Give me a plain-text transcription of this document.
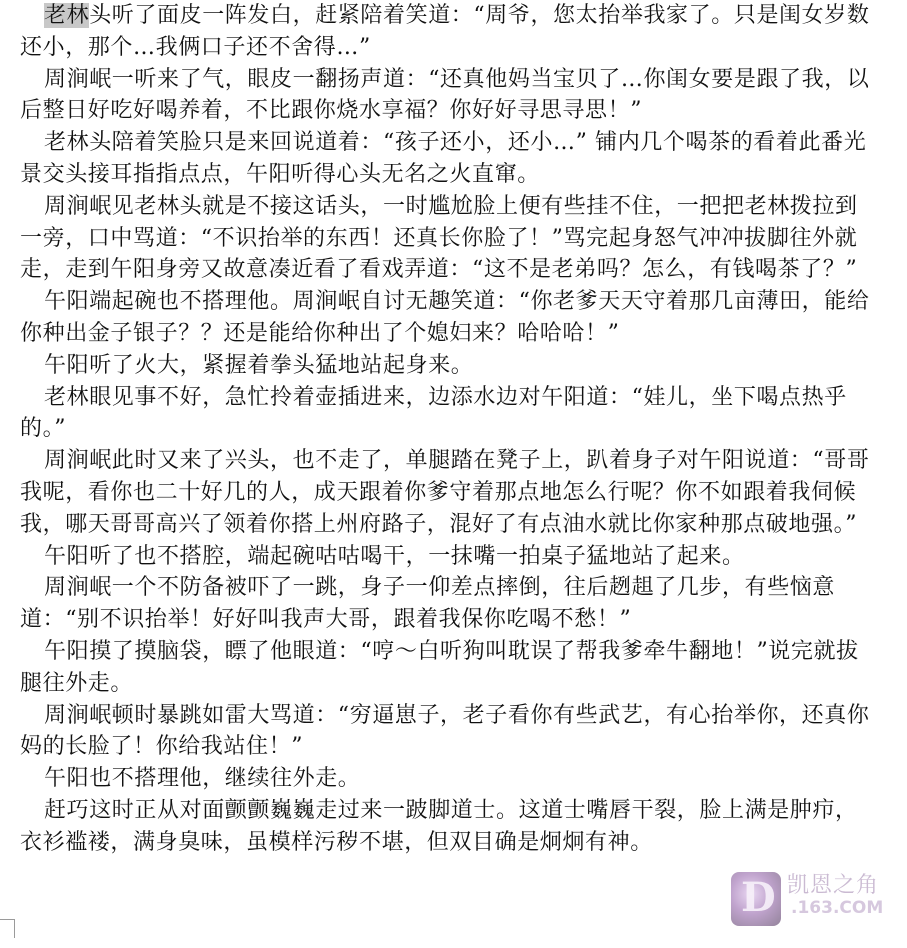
老林头听了面皮一阵发白，赶紧陪着笑道：“周爷，您太抬举我家了。只是闺女岁数还小，那个…我俩口子还不舍得…”

周涧岷一听来了气，眼皮一翻扬声道：“还真他妈当宝贝了…你闺女要是跟了我，以后整日好吃好喝养着，不比跟你烧水享福？你好好寻思寻思！”

老林头陪着笑脸只是来回说道着：“孩子还小，还小…” 铺内几个喝茶的看着此番光景交头接耳指指点点，午阳听得心头无名之火直窜。

周涧岷见老林头就是不接这话头，一时尴尬脸上便有些挂不住，一把把老林拨拉到一旁，口中骂道：“不识抬举的东西！还真长你脸了！”骂完起身怒气冲冲拔脚往外就走，走到午阳身旁又故意凑近看了看戏弄道：“这不是老弟吗？怎么，有钱喝茶了？”

午阳端起碗也不搭理他。周涧岷自讨无趣笑道：“你老爹天天守着那几亩薄田，能给你种出金子银子？？还是能给你种出了个媳妇来？哈哈哈！”

午阳听了火大，紧握着拳头猛地站起身来。

老林眼见事不好，急忙拎着壶插进来，边添水边对午阳道：“娃儿，坐下喝点热乎的。”

周涧岷此时又来了兴头，也不走了，单腿踏在凳子上，趴着身子对午阳说道：“哥哥我呢，看你也二十好几的人，成天跟着你爹守着那点地怎么行呢？你不如跟着我伺候我，哪天哥哥高兴了领着你搭上州府路子，混好了有点油水就比你家种那点破地强。”

午阳听了也不搭腔，端起碗咕咕喝干，一抹嘴一拍桌子猛地站了起来。

周涧岷一个不防备被吓了一跳，身子一仰差点摔倒，往后趔趄了几步，有些恼意道：“别不识抬举！好好叫我声大哥，跟着我保你吃喝不愁！”

午阳摸了摸脑袋，瞟了他眼道：“哼～白听狗叫耽误了帮我爹牵牛翻地！”说完就拔腿往外走。

周涧岷顿时暴跳如雷大骂道：“穷逼崽子，老子看你有些武艺，有心抬举你，还真你妈的长脸了！你给我站住！”

午阳也不搭理他，继续往外走。

赶巧这时正从对面颤颤巍巍走过来一跛脚道士。这道士嘴唇干裂，脸上满是肿疖，衣衫褴褛，满身臭味，虽模样污秽不堪，但双目确是炯炯有神。

D 凯恩之角
.163.COM
